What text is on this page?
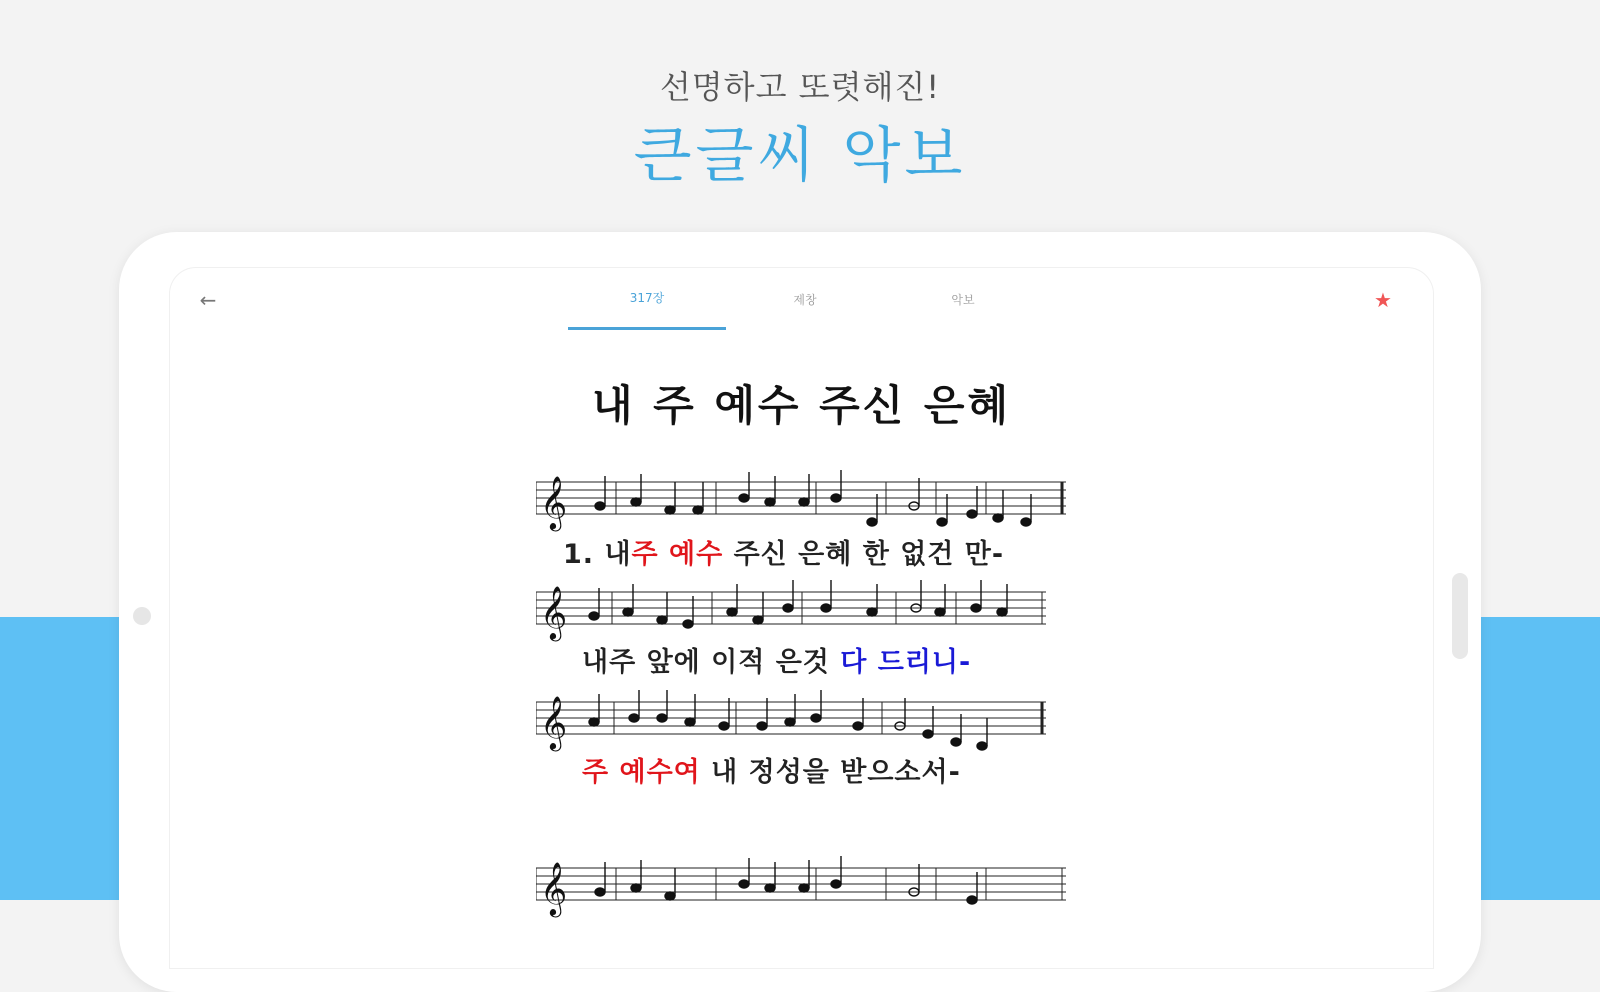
선명하고 또렷해진!
큰글씨 악보
←	317장	제창	악보	★
내 주 예수 주신 은혜
𝄞
1. 내주 예수 주신 은혜 한 없건 만-
𝄞
내주 앞에 이적 은것 다 드리니-
𝄞
주 예수여 내 정성을 받으소서-
𝄞
